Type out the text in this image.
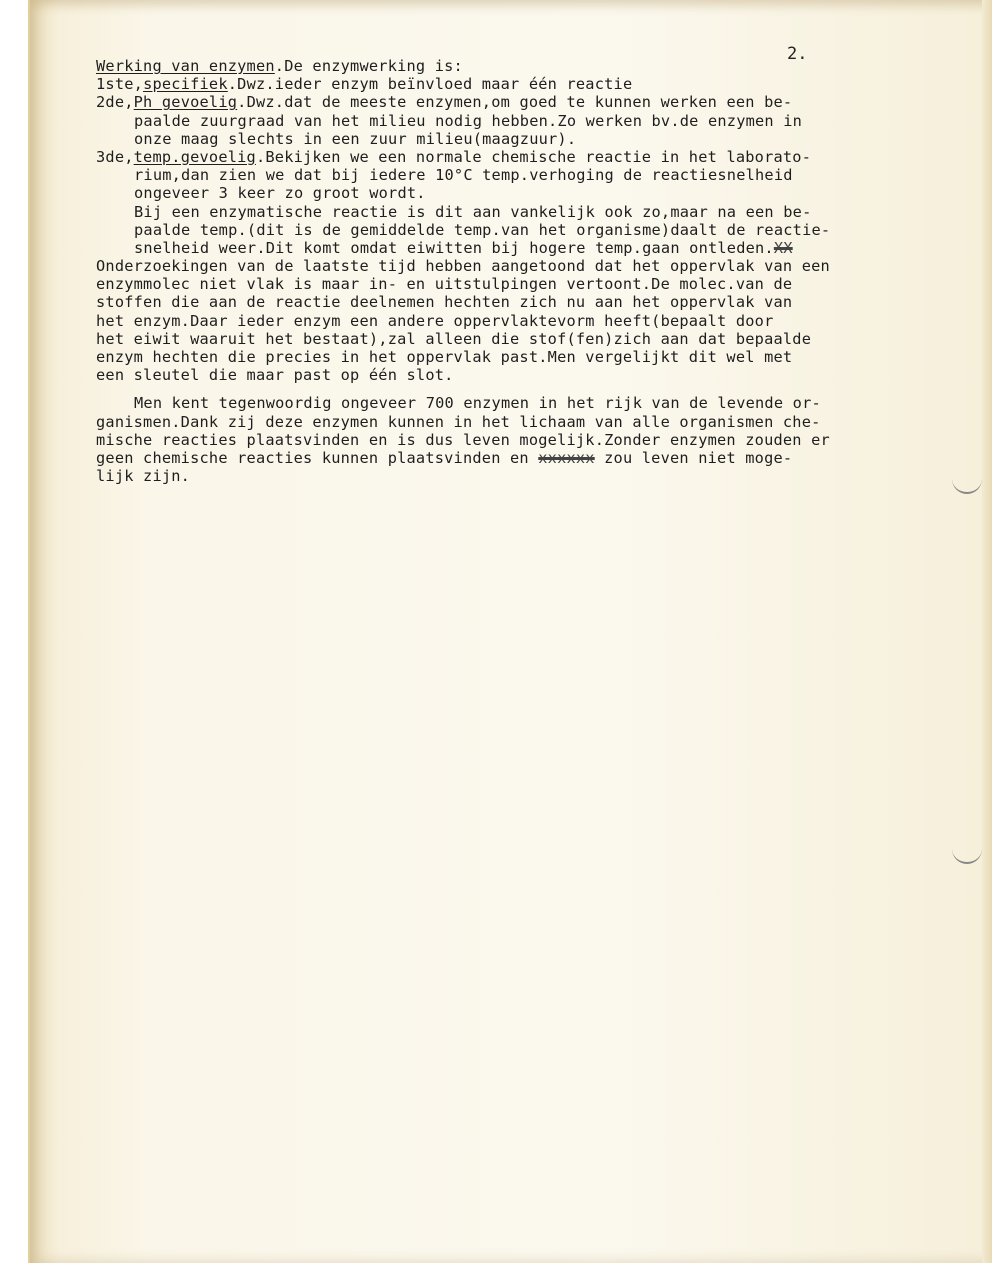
2.
Werking van enzymen.De enzymwerking is:
1ste,specifiek.Dwz.ieder enzym beïnvloed maar één reactie
2de,Ph gevoelig.Dwz.dat de meeste enzymen,om goed te kunnen werken een be-
paalde zuurgraad van het milieu nodig hebben.Zo werken bv.de enzymen in
onze maag slechts in een zuur milieu(maagzuur).
3de,temp.gevoelig.Bekijken we een normale chemische reactie in het laborato-
rium,dan zien we dat bij iedere 10°C temp.verhoging de reactiesnelheid
ongeveer 3 keer zo groot wordt.
Bij een enzymatische reactie is dit aan vankelijk ook zo,maar na een be-
paalde temp.(dit is de gemiddelde temp.van het organisme)daalt de reactie-
snelheid weer.Dit komt omdat eiwitten bij hogere temp.gaan ontleden.XX
Onderzoekingen van de laatste tijd hebben aangetoond dat het oppervlak van een
enzymmolec niet vlak is maar in- en uitstulpingen vertoont.De molec.van de
stoffen die aan de reactie deelnemen hechten zich nu aan het oppervlak van
het enzym.Daar ieder enzym een andere oppervlaktevorm heeft(bepaalt door
het eiwit waaruit het bestaat),zal alleen die stof(fen)zich aan dat bepaalde
enzym hechten die precies in het oppervlak past.Men vergelijkt dit wel met
een sleutel die maar past op één slot.
Men kent tegenwoordig ongeveer 700 enzymen in het rijk van de levende or-
ganismen.Dank zij deze enzymen kunnen in het lichaam van alle organismen che-
mische reacties plaatsvinden en is dus leven mogelijk.Zonder enzymen zouden er
geen chemische reacties kunnen plaatsvinden en xxxxxx zou leven niet moge-
lijk zijn.
